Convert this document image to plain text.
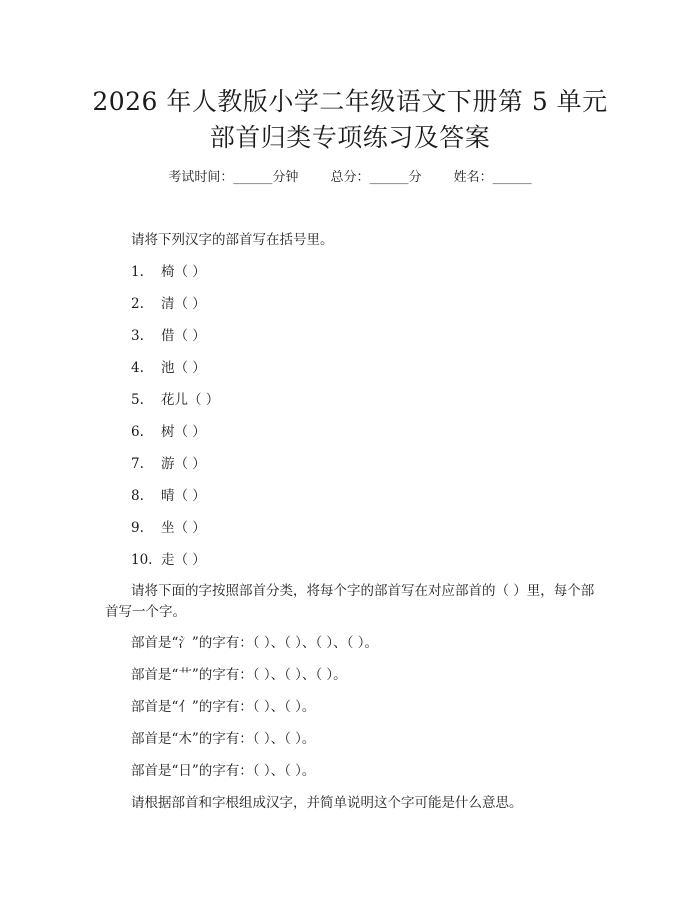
2026 年人教版小学二年级语文下册第 5 单元
部首归类专项练习及答案
考试时间：______分钟 总分：______分 姓名：______
请将下列汉字的部首写在括号里。
1. 椅（ ）
2. 清（ ）
3. 借（ ）
4. 池（ ）
5. 花儿（ ）
6. 树（ ）
7. 游（ ）
8. 晴（ ）
9. 坐（ ）
10. 走（ ）
请将下面的字按照部首分类，将每个字的部首写在对应部首的（ ）里，每个部首写一个字。
部首是“氵”的字有：（ ）、（ ）、（ ）、（ ）。
部首是“艹”的字有：（ ）、（ ）、（ ）。
部首是“亻”的字有：（ ）、（ ）。
部首是“木”的字有：（ ）、（ ）。
部首是“日”的字有：（ ）、（ ）。
请根据部首和字根组成汉字，并简单说明这个字可能是什么意思。
